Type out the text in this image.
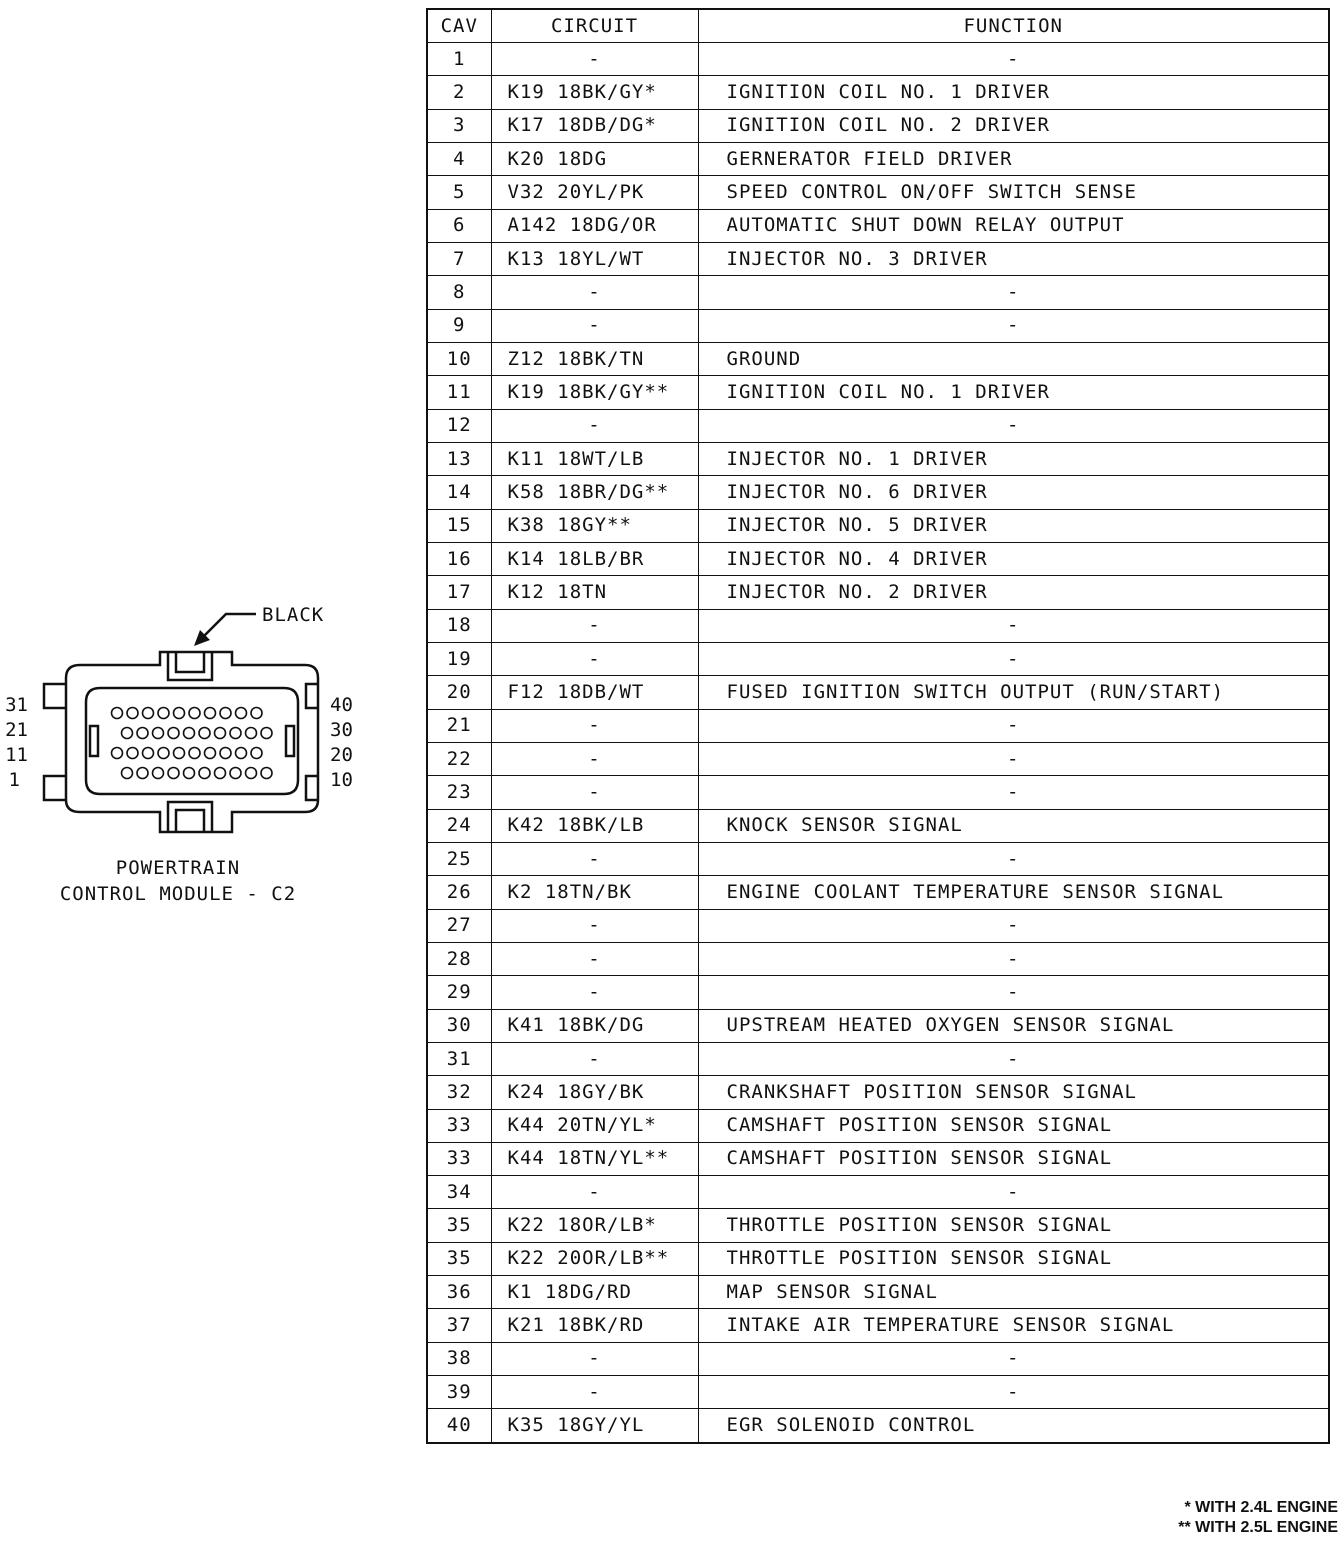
BLACK
31
21
11
1
40
30
20
10
POWERTRAIN
CONTROL MODULE - C2
CAV	CIRCUIT	FUNCTION
1	-	-
2	K19 18BK/GY*	IGNITION COIL NO. 1 DRIVER
3	K17 18DB/DG*	IGNITION COIL NO. 2 DRIVER
4	K20 18DG	GERNERATOR FIELD DRIVER
5	V32 20YL/PK	SPEED CONTROL ON/OFF SWITCH SENSE
6	A142 18DG/OR	AUTOMATIC SHUT DOWN RELAY OUTPUT
7	K13 18YL/WT	INJECTOR NO. 3 DRIVER
8	-	-
9	-	-
10	Z12 18BK/TN	GROUND
11	K19 18BK/GY**	IGNITION COIL NO. 1 DRIVER
12	-	-
13	K11 18WT/LB	INJECTOR NO. 1 DRIVER
14	K58 18BR/DG**	INJECTOR NO. 6 DRIVER
15	K38 18GY**	INJECTOR NO. 5 DRIVER
16	K14 18LB/BR	INJECTOR NO. 4 DRIVER
17	K12 18TN	INJECTOR NO. 2 DRIVER
18	-	-
19	-	-
20	F12 18DB/WT	FUSED IGNITION SWITCH OUTPUT (RUN/START)
21	-	-
22	-	-
23	-	-
24	K42 18BK/LB	KNOCK SENSOR SIGNAL
25	-	-
26	K2 18TN/BK	ENGINE COOLANT TEMPERATURE SENSOR SIGNAL
27	-	-
28	-	-
29	-	-
30	K41 18BK/DG	UPSTREAM HEATED OXYGEN SENSOR SIGNAL
31	-	-
32	K24 18GY/BK	CRANKSHAFT POSITION SENSOR SIGNAL
33	K44 20TN/YL*	CAMSHAFT POSITION SENSOR SIGNAL
33	K44 18TN/YL**	CAMSHAFT POSITION SENSOR SIGNAL
34	-	-
35	K22 18OR/LB*	THROTTLE POSITION SENSOR SIGNAL
35	K22 20OR/LB**	THROTTLE POSITION SENSOR SIGNAL
36	K1 18DG/RD	MAP SENSOR SIGNAL
37	K21 18BK/RD	INTAKE AIR TEMPERATURE SENSOR SIGNAL
38	-	-
39	-	-
40	K35 18GY/YL	EGR SOLENOID CONTROL
* WITH 2.4L ENGINE
** WITH 2.5L ENGINE
